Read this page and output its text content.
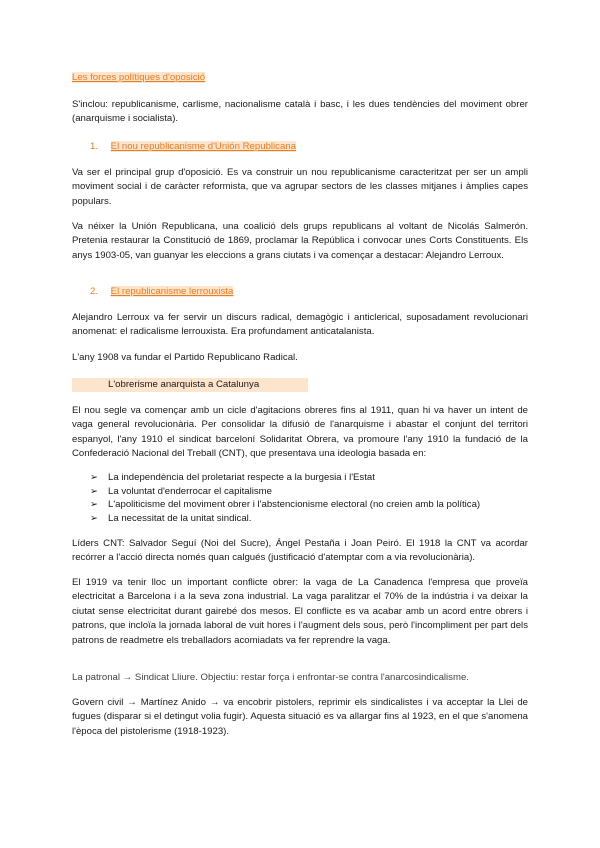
Les forces polítiques d'oposició

S'inclou: republicanisme, carlisme, nacionalisme català i basc, i les dues tendències del moviment obrer (anarquisme i socialista).

1. El nou republicanisme d'Unión Republicana

Va ser el principal grup d'oposició. Es va construir un nou republicanisme caracteritzat per ser un ampli moviment social i de caràcter reformista, que va agrupar sectors de les classes mitjanes i àmplies capes populars.

Va néixer la Unión Republicana, una coalició dels grups republicans al voltant de Nicolás Salmerón. Pretenia restaurar la Constitució de 1869, proclamar la República i convocar unes Corts Constituents. Els anys 1903-05, van guanyar les eleccions a grans ciutats i va començar a destacar: Alejandro Lerroux.

2. El republicanisme lerrouxista

Alejandro Lerroux va fer servir un discurs radical, demagògic i anticlerical, suposadament revolucionari anomenat: el radicalisme lerrouxista. Era profundament anticatalanista.

L'any 1908 va fundar el Partido Republicano Radical.

L'obrerisme anarquista a Catalunya

El nou segle va començar amb un cicle d'agitacions obreres fins al 1911, quan hi va haver un intent de vaga general revolucionària. Per consolidar la difusió de l'anarquisme i abastar el conjunt del territori espanyol, l'any 1910 el sindicat barceloní Solidaritat Obrera, va promoure l'any 1910 la fundació de la Confederació Nacional del Treball (CNT), que presentava una ideologia basada en:

➢ La independència del proletariat respecte a la burgesia i l'Estat
➢ La voluntat d'enderrocar el capitalisme
➢ L'apoliticisme del moviment obrer i l'abstencionisme electoral (no creien amb la política)
➢ La necessitat de la unitat sindical.

Líders CNT: Salvador Seguí (Noi del Sucre), Ángel Pestaña i Joan Peiró. El 1918 la CNT va acordar recórrer a l'acció directa només quan calgués (justificació d'atemptar com a via revolucionària).

El 1919 va tenir lloc un important conflicte obrer: la vaga de La Canadenca l'empresa que proveïa electricitat a Barcelona i a la seva zona industrial. La vaga paralitzar el 70% de la indústria i va deixar la ciutat sense electricitat durant gairebé dos mesos. El conflicte es va acabar amb un acord entre obrers i patrons, que incloïa la jornada laboral de vuit hores i l'augment dels sous, però l'incompliment per part dels patrons de readmetre els treballadors acomiadats va fer reprendre la vaga.

La patronal → Sindicat Lliure. Objectiu: restar força i enfrontar-se contra l'anarcosindicalisme.

Govern civil → Martínez Anido → va encobrir pistolers, reprimir els sindicalistes i va acceptar la Llei de fugues (disparar si el detingut volia fugir). Aquesta situació es va allargar fins al 1923, en el que s'anomena l'època del pistolerisme (1918-1923).
